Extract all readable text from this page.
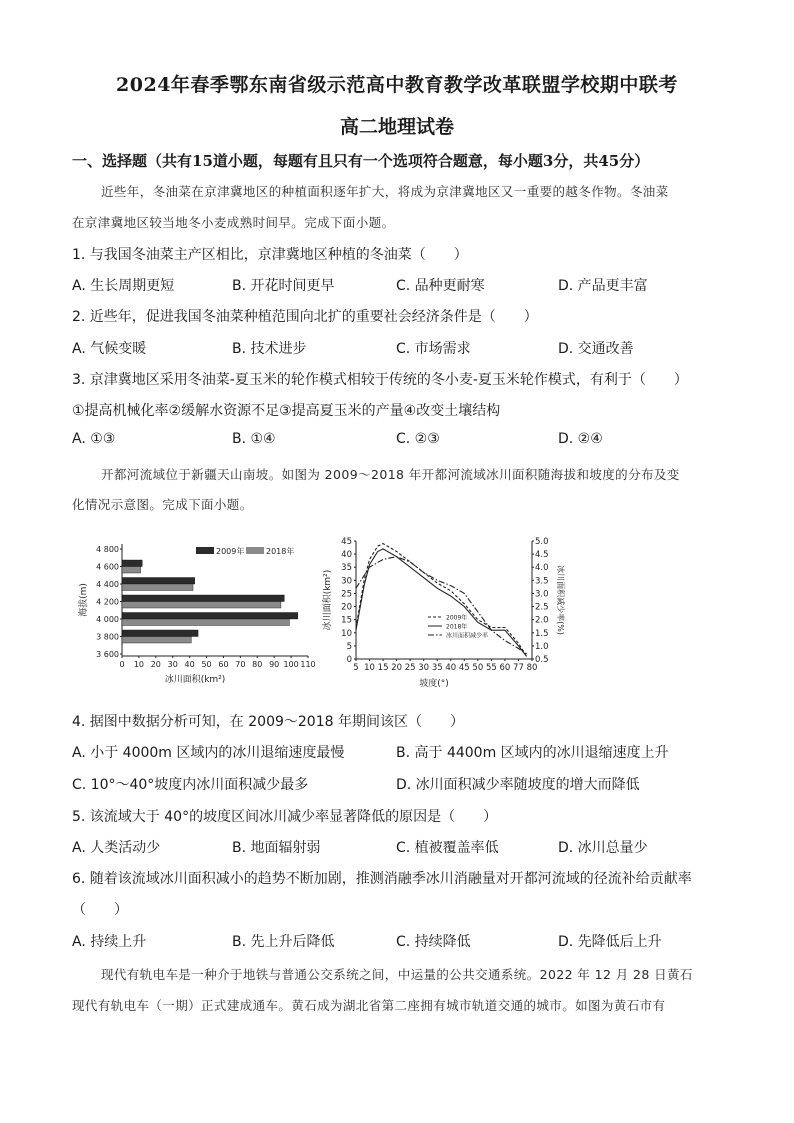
2024年春季鄂东南省级示范高中教育教学改革联盟学校期中联考
高二地理试卷
一、选择题（共有15道小题，每题有且只有一个选项符合题意，每小题3分，共45分）
近些年，冬油菜在京津冀地区的种植面积逐年扩大，将成为京津冀地区又一重要的越冬作物。冬油菜
在京津冀地区较当地冬小麦成熟时间早。完成下面小题。
1. 与我国冬油菜主产区相比，京津冀地区种植的冬油菜（　　）
A. 生长周期更短	B. 开花时间更早	C. 品种更耐寒	D. 产品更丰富
2. 近些年，促进我国冬油菜种植范围向北扩的重要社会经济条件是（　　）
A. 气候变暖	B. 技术进步	C. 市场需求	D. 交通改善
3. 京津冀地区采用冬油菜-夏玉米的轮作模式相较于传统的冬小麦-夏玉米轮作模式，有利于（　　）
①提高机械化率②缓解水资源不足③提高夏玉米的产量④改变土壤结构
A. ①③	B. ①④	C. ②③	D. ②④
开都河流域位于新疆天山南坡。如图为 2009～2018 年开都河流域冰川面积随海拔和坡度的分布及变
化情况示意图。完成下面小题。
3 600
3 800
4 000
4 200
4 400
4 600
4 800
0 10 20 30 40 50 60 70 80 90 100 110
2009年	2018年
海拔(m)
冰川面积(km²)
0
5
10
15
20
25
30
35
40
45
0.5
1.0
1.5
2.0
2.5
3.0
3.5
4.0
4.5
5.0
5 10 15 20 25 30 35 40 45 50 55 60 77 80
2009年
2018年
冰川面积减少率
冰川面积(km²)	冰川面积减少率(%)
坡度(°)
4. 据图中数据分析可知，在 2009～2018 年期间该区（　　）
A. 小于 4000m 区域内的冰川退缩速度最慢	B. 高于 4400m 区域内的冰川退缩速度上升
C. 10°～40°坡度内冰川面积减少最多	D. 冰川面积减少率随坡度的增大而降低
5. 该流域大于 40°的坡度区间冰川减少率显著降低的原因是（　　）
A. 人类活动少	B. 地面辐射弱	C. 植被覆盖率低	D. 冰川总量少
6. 随着该流域冰川面积减小的趋势不断加剧，推测消融季冰川消融量对开都河流域的径流补给贡献率
（　　）
A. 持续上升	B. 先上升后降低	C. 持续降低	D. 先降低后上升
现代有轨电车是一种介于地铁与普通公交系统之间，中运量的公共交通系统。2022 年 12 月 28 日黄石
现代有轨电车（一期）正式建成通车。黄石成为湖北省第二座拥有城市轨道交通的城市。如图为黄石市有
